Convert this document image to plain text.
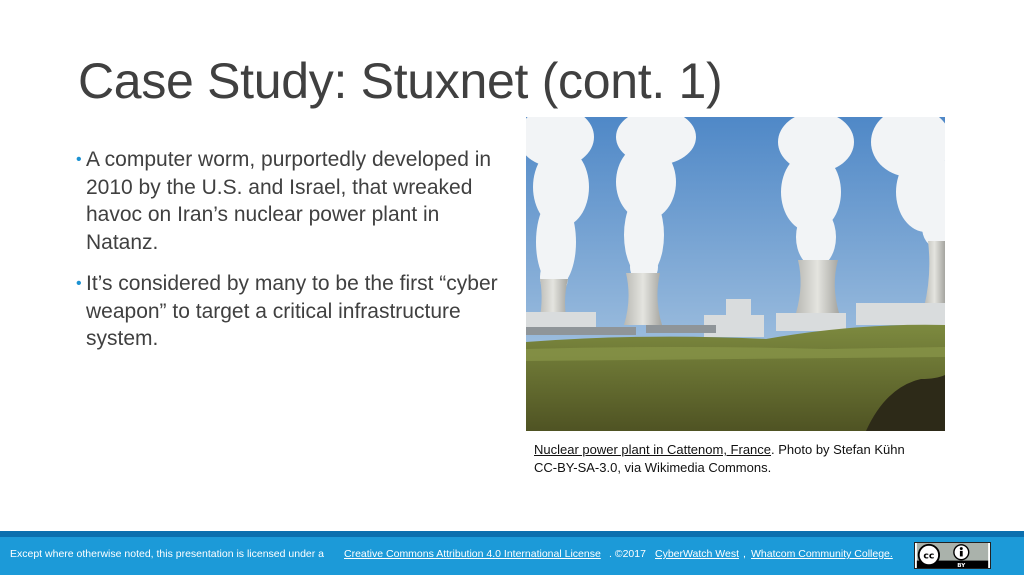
Case Study: Stuxnet (cont. 1)
• A computer worm, purportedly developed in 2010 by the U.S. and Israel, that wreaked havoc on Iran’s nuclear power plant in Natanz.
• It’s considered by many to be the first “cyber weapon” to target a critical infrastructure system.
Nuclear power plant in Cattenom, France. Photo by Stefan Kühn
CC-BY-SA-3.0, via Wikimedia Commons.
Except where otherwise noted, this presentation is licensed under a Creative Commons Attribution 4.0 International License . ©2017 CyberWatch West , Whatcom Community College.	cc
BY
